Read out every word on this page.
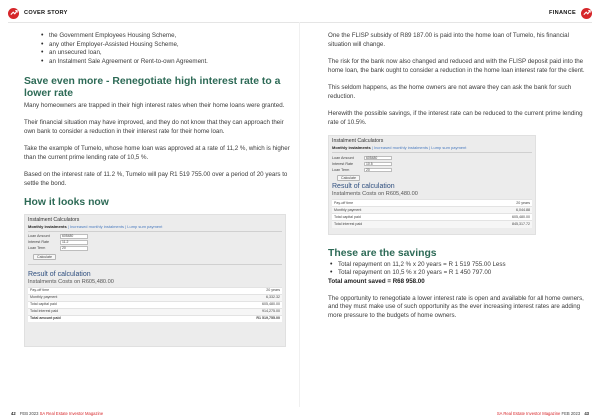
COVER STORY	FINANCE
• the Government Employees Housing Scheme,
• any other Employer-Assisted Housing Scheme,
• an unsecured loan,
• an Instalment Sale Agreement or Rent-to-own Agreement.
Save even more - Renegotiate high interest rate to a lower rate

Many homeowners are trapped in their high interest rates when their home loans were granted.

Their financial situation may have improved, and they do not know that they can approach their own bank to consider a reduction in their interest rate for their home loan.

Take the example of Tumelo, whose home loan was approved at a rate of 11,2 %, which is higher than the current prime lending rate of 10,5 %.

Based on the interest rate of 11.2 %, Tumelo will pay R1 519 755.00 over a period of 20 years to settle the bond.

How it looks now
Instalment Calculators
Monthly instalments | Increased monthly instalments | Lump sum payment
Loan Amount	605480
Interest Rate	11.2
Loan Term	20
Calculate
Result of calculation
Instalments Costs on R605,480.00
Pay-off time	20 years
Monthly payment	6,332.32
Total capital paid	605,480.00
Total interest paid	914,275.00
Total amount paid	R1 519,755.00

One the FLISP subsidy of R89 187.00 is paid into the home loan of Tumelo, his financial situation will change.

The risk for the bank now also changed and reduced and with the FLISP deposit paid into the home loan, the bank ought to consider a reduction in the home loan interest rate for the client.

This seldom happens, as the home owners are not aware they can ask the bank for such reduction.

Herewith the possible savings, if the interest rate can be reduced to the current prime lending rate of 10.5%.

Instalment Calculators
Monthly instalments | Increased monthly instalments | Lump sum payment
Loan Amount	605480
Interest Rate	10.5
Loan Term	20
Calculate
Result of calculation
Instalments Costs on R605,480.00
Pay-off time	20 years
Monthly payment	6,044.88
Total capital paid	605,480.00
Total interest paid	845,317.72
These are the savings
• Total repayment on 11,2 % x 20 years = R 1 519 755.00 Less
• Total repayment on 10,5 % x 20 years = R 1 450 797.00
Total amount saved = R68 958.00

The opportunity to renegotiate a lower interest rate is open and available for all home owners, and they must make use of such opportunity as the ever increasing interest rates are adding more pressure to the budgets of home owners.

42 FEB 2023 SA Real Estate Investor Magazine	SA Real Estate Investor Magazine FEB 2023 43
